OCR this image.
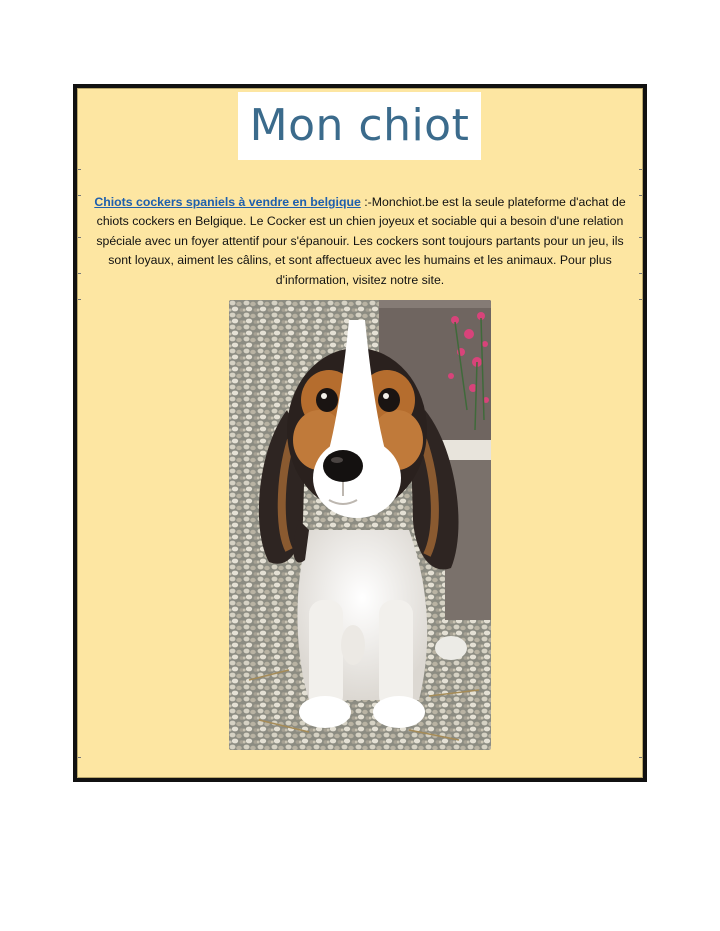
Mon chiot
Chiots cockers spaniels à vendre en belgique :-Monchiot.be est la seule plateforme d'achat de chiots cockers en Belgique. Le Cocker est un chien joyeux et sociable qui a besoin d'une relation spéciale avec un foyer attentif pour s'épanouir. Les cockers sont toujours partants pour un jeu, ils sont loyaux, aiment les câlins, et sont affectueux avec les humains et les animaux. Pour plus d'information, visitez notre site.
